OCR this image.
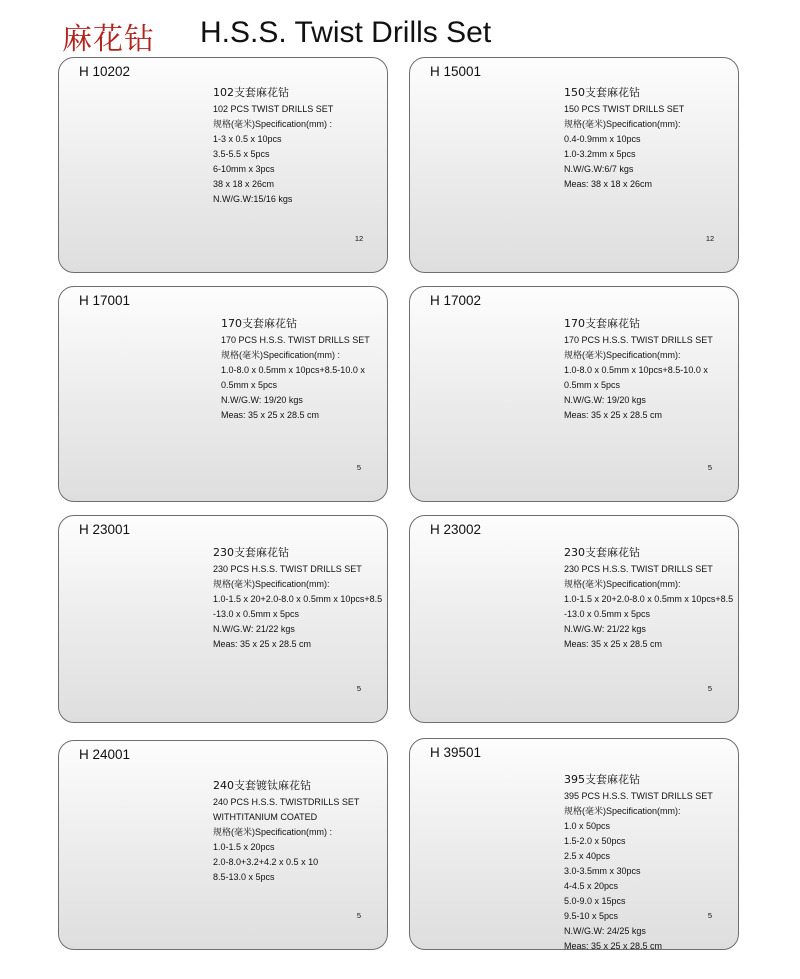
麻花钻 H.S.S. Twist Drills Set
H 10202
102支套麻花钻
102 PCS TWIST DRILLS SET
规格(毫米)Specification(mm) :
1-3 x 0.5 x 10pcs
3.5-5.5 x 5pcs
6-10mm x 3pcs
38 x 18 x 26cm
N.W/G.W:15/16 kgs
12
H 15001
150支套麻花钻
150 PCS TWIST DRILLS SET
规格(毫米)Specification(mm):
0.4-0.9mm x 10pcs
1.0-3.2mm x 5pcs
N.W/G.W:6/7 kgs
Meas: 38 x 18 x 26cm
12
H 17001
170支套麻花钻
170 PCS H.S.S. TWIST DRILLS SET
规格(毫米)Specification(mm) :
1.0-8.0 x 0.5mm x 10pcs+8.5-10.0 x
0.5mm x 5pcs
N.W/G.W: 19/20 kgs
Meas: 35 x 25 x 28.5 cm
5
H 17002
170支套麻花钻
170 PCS H.S.S. TWIST DRILLS SET
规格(毫米)Specification(mm):
1.0-8.0 x 0.5mm x 10pcs+8.5-10.0 x
0.5mm x 5pcs
N.W/G.W: 19/20 kgs
Meas: 35 x 25 x 28.5 cm
5
H 23001
230支套麻花钻
230 PCS H.S.S. TWIST DRILLS SET
规格(毫米)Specification(mm):
1.0-1.5 x 20+2.0-8.0 x 0.5mm x 10pcs+8.5
-13.0 x 0.5mm x 5pcs
N.W/G.W: 21/22 kgs
Meas: 35 x 25 x 28.5 cm
5
H 23002
230支套麻花钻
230 PCS H.S.S. TWIST DRILLS SET
规格(毫米)Specification(mm):
1.0-1.5 x 20+2.0-8.0 x 0.5mm x 10pcs+8.5
-13.0 x 0.5mm x 5pcs
N.W/G.W: 21/22 kgs
Meas: 35 x 25 x 28.5 cm
5
H 24001
240支套镀钛麻花钻
240 PCS H.S.S. TWISTDRILLS SET
WITHTITANIUM COATED
规格(毫米)Specification(mm) :
1.0-1.5 x 20pcs
2.0-8.0+3.2+4.2 x 0.5 x 10
8.5-13.0 x 5pcs
5
H 39501
395支套麻花钻
395 PCS H.S.S. TWIST DRILLS SET
规格(毫米)Specification(mm):
1.0 x 50pcs
1.5-2.0 x 50pcs
2.5 x 40pcs
3.0-3.5mm x 30pcs
4-4.5 x 20pcs
5.0-9.0 x 15pcs
9.5-10 x 5pcs
N.W/G.W: 24/25 kgs
Meas: 35 x 25 x 28.5 cm
5
